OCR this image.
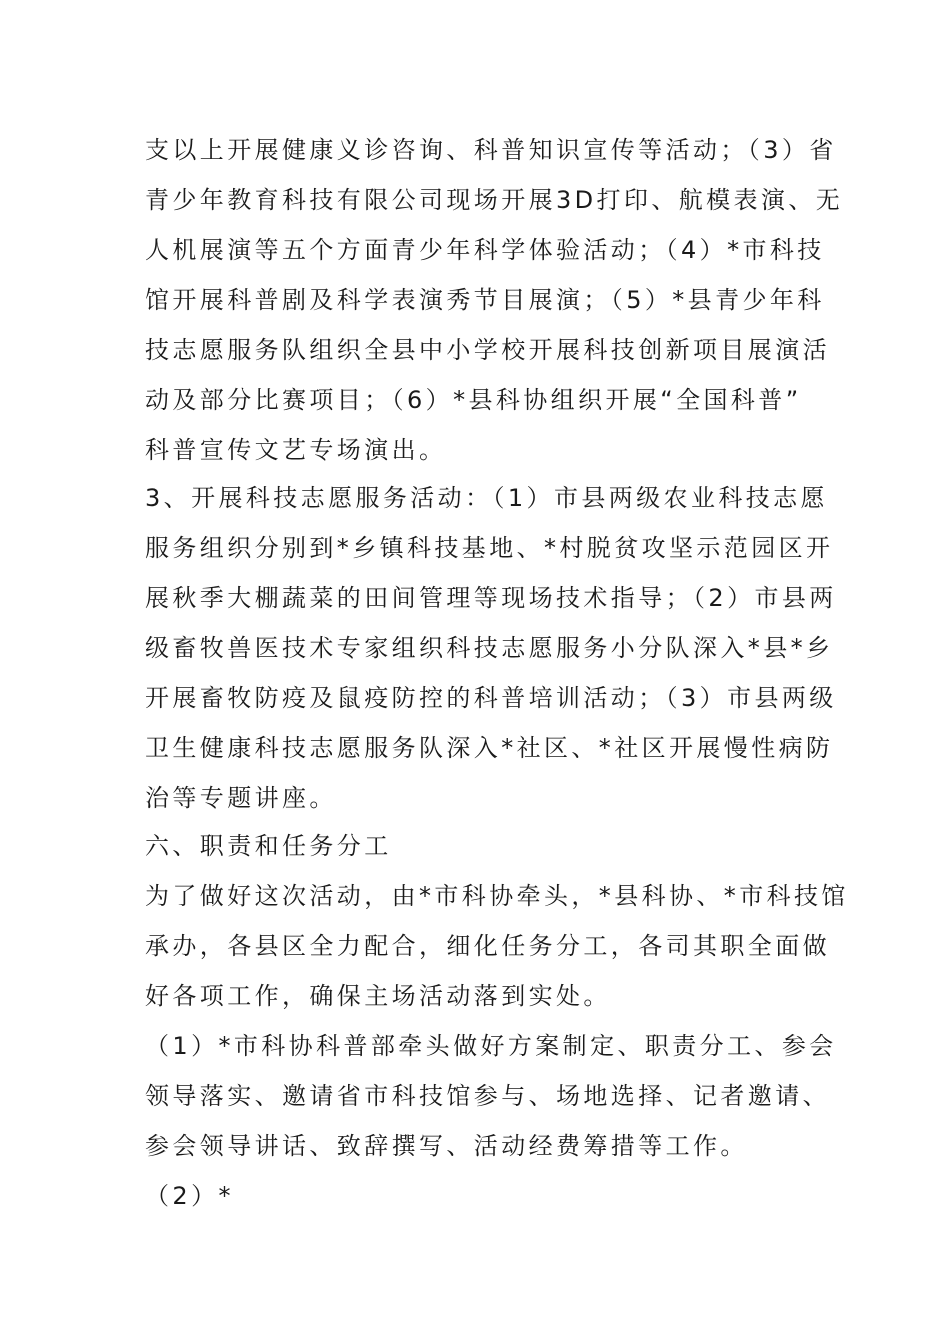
支以上开展健康义诊咨询、科普知识宣传等活动；（3）省
青少年教育科技有限公司现场开展3D打印、航模表演、无
人机展演等五个方面青少年科学体验活动；（4）*市科技
馆开展科普剧及科学表演秀节目展演；（5）*县青少年科
技志愿服务队组织全县中小学校开展科技创新项目展演活
动及部分比赛项目；（6）*县科协组织开展“全国科普”
科普宣传文艺专场演出。
3、开展科技志愿服务活动：（1）市县两级农业科技志愿
服务组织分别到*乡镇科技基地、*村脱贫攻坚示范园区开
展秋季大棚蔬菜的田间管理等现场技术指导；（2）市县两
级畜牧兽医技术专家组织科技志愿服务小分队深入*县*乡
开展畜牧防疫及鼠疫防控的科普培训活动；（3）市县两级
卫生健康科技志愿服务队深入*社区、*社区开展慢性病防
治等专题讲座。
六、职责和任务分工
为了做好这次活动，由*市科协牵头，*县科协、*市科技馆
承办，各县区全力配合，细化任务分工，各司其职全面做
好各项工作，确保主场活动落到实处。
（1）*市科协科普部牵头做好方案制定、职责分工、参会
领导落实、邀请省市科技馆参与、场地选择、记者邀请、
参会领导讲话、致辞撰写、活动经费筹措等工作。
（2）*
